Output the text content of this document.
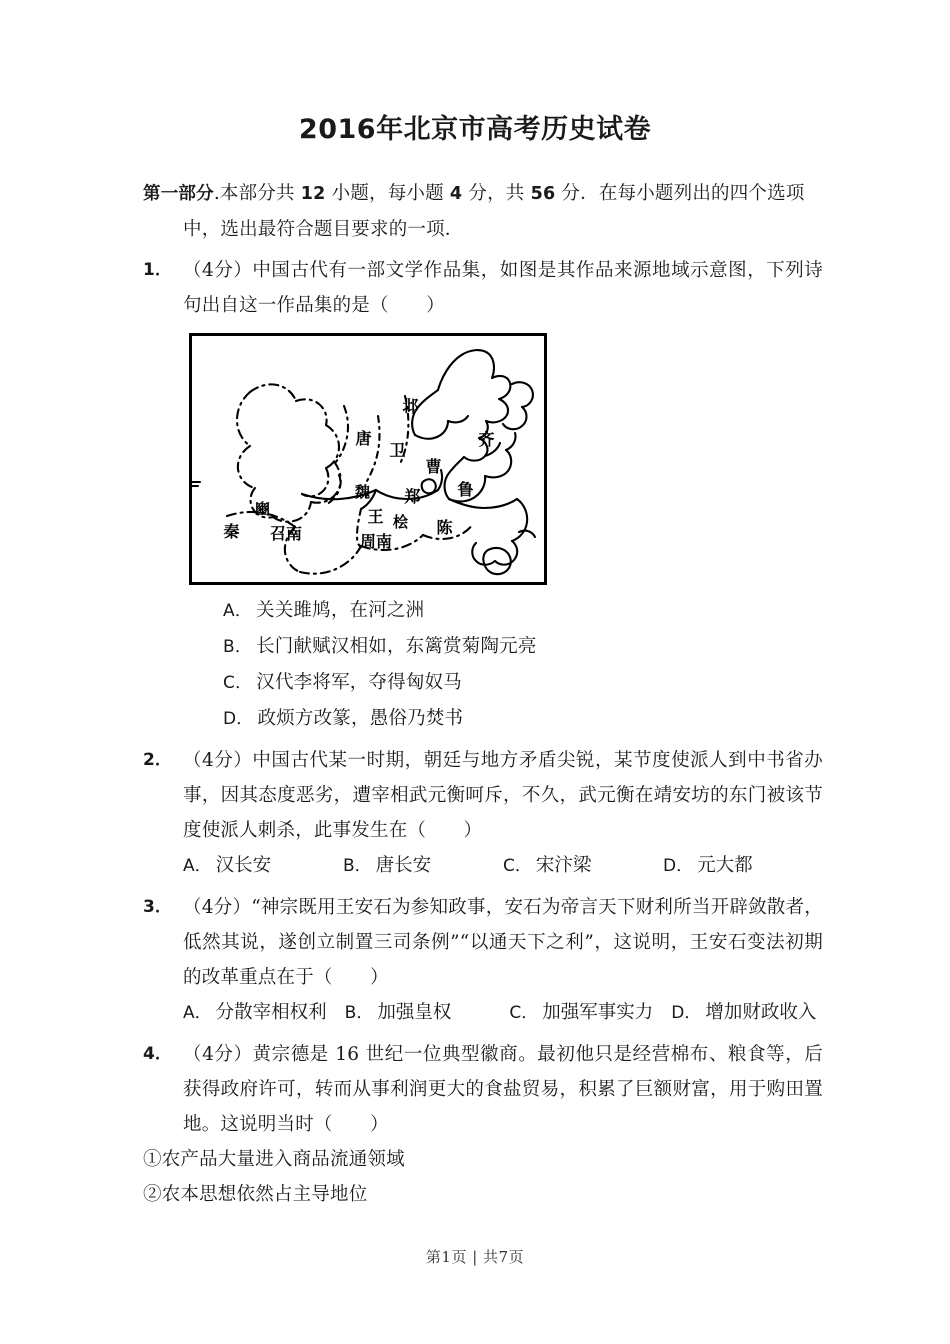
2016年北京市高考历史试卷
第一部分.本部分共 12 小题，每小题 4 分，共 56 分．在每小题列出的四个选项
中，选出最符合题目要求的一项．
1． （4分）中国古代有一部文学作品集，如图是其作品来源地域示意图，下列诗句出自这一作品集的是（　　）
邶
齐
唐
卫
曹
鲁
魏 郑
王 桧 陈
豳
秦 召南	周南
A． 关关雎鸠，在河之洲
B． 长门献赋汉相如，东篱赏菊陶元亮
C． 汉代李将军，夺得匈奴马
D． 政烦方改篆，愚俗乃焚书
2． （4分）中国古代某一时期，朝廷与地方矛盾尖锐，某节度使派人到中书省办事，因其态度恶劣，遭宰相武元衡呵斥，不久，武元衡在靖安坊的东门被该节度使派人刺杀，此事发生在（　　）
A． 汉长安	B． 唐长安	C． 宋汴梁	D． 元大都
3． （4分）“神宗既用王安石为参知政事，安石为帝言天下财利所当开辟敛散者，低然其说，遂创立制置三司条例”“以通天下之利”，这说明，王安石变法初期的改革重点在于（　　）
A． 分散宰相权利 B． 加强皇权	C． 加强军事实力 D． 增加财政收入
4． （4分）黄宗德是 16 世纪一位典型徽商。最初他只是经营棉布、粮食等，后获得政府许可，转而从事利润更大的食盐贸易，积累了巨额财富，用于购田置地。这说明当时（　　）
①农产品大量进入商品流通领域
②农本思想依然占主导地位
第1页 | 共7页
